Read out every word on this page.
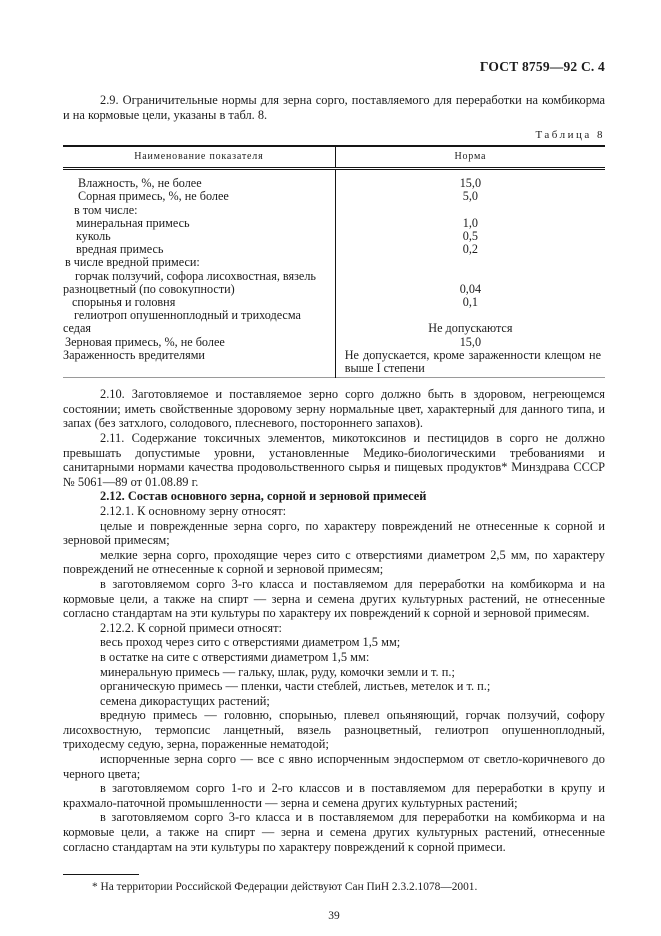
ГОСТ 8759—92 С. 4

2.9. Ограничительные нормы для зерна сорго, поставляемого для переработки на комбикорма и на кормовые цели, указаны в табл. 8.

Таблица 8
Наименование показателя	Норма
Влажность, %, не более	15,0
Сорная примесь, %, не более	5,0
в том числе:	
минеральная примесь	1,0
куколь	0,5
вредная примесь	0,2
в числе вредной примеси:	
горчак ползучий, софора лисохвостная, вязель разноцветный (по совокупности)	0,04
спорынья и головня	0,1
гелиотроп опушенноплодный и триходесма седая	Не допускаются
Зерновая примесь, %, не более	15,0
Зараженность вредителями	Не допускается, кроме зараженности клещом не выше I степени

2.10. Заготовляемое и поставляемое зерно сорго должно быть в здоровом, негреющемся состоянии; иметь свойственные здоровому зерну нормальные цвет, характерный для данного типа, и запах (без затхлого, солодового, плесневого, постороннего запахов).

2.11. Содержание токсичных элементов, микотоксинов и пестицидов в сорго не должно превышать допустимые уровни, установленные Медико-биологическими требованиями и санитарными нормами качества продовольственного сырья и пищевых продуктов* Минздрава СССР № 5061—89 от 01.08.89 г.

2.12. Состав основного зерна, сорной и зерновой примесей

2.12.1. К основному зерну относят:

целые и поврежденные зерна сорго, по характеру повреждений не отнесенные к сорной и зерновой примесям;

мелкие зерна сорго, проходящие через сито с отверстиями диаметром 2,5 мм, по характеру повреждений не отнесенные к сорной и зерновой примесям;

в заготовляемом сорго 3-го класса и поставляемом для переработки на комбикорма и на кормовые цели, а также на спирт — зерна и семена других культурных растений, не отнесенные согласно стандартам на эти культуры по характеру их повреждений к сорной и зерновой примесям.

2.12.2. К сорной примеси относят:

весь проход через сито с отверстиями диаметром 1,5 мм;

в остатке на сите с отверстиями диаметром 1,5 мм:

минеральную примесь — гальку, шлак, руду, комочки земли и т. п.;

органическую примесь — пленки, части стеблей, листьев, метелок и т. п.;

семена дикорастущих растений;

вредную примесь — головню, спорынью, плевел опьяняющий, горчак ползучий, софору лисохвостную, термопсис ланцетный, вязель разноцветный, гелиотроп опушенноплодный, триходесму седую, зерна, пораженные нематодой;

испорченные зерна сорго — все с явно испорченным эндоспермом от светло-коричневого до черного цвета;

в заготовляемом сорго 1-го и 2-го классов и в поставляемом для переработки в крупу и крахмало-паточной промышленности — зерна и семена других культурных растений;

в заготовляемом сорго 3-го класса и в поставляемом для переработки на комбикорма и на кормовые цели, а также на спирт — зерна и семена других культурных растений, отнесенные согласно стандартам на эти культуры по характеру повреждений к сорной примеси.

* На территории Российской Федерации действуют Сан ПиН 2.3.2.1078—2001.

39
